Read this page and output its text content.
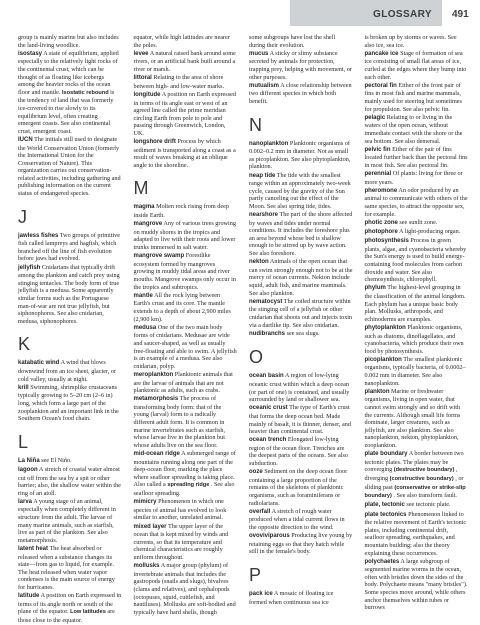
GLOSSARY	491

group is mainly marine but also includes the land-living woodlice.

isostasy A state of equilibrium, applied especially to the relatively light rocks of the continental crust, which can be thought of as floating like icebergs among the heavier rocks of the ocean floor and mantle. Isostatic rebound is the tendency of land that was formerly ice-covered to rise slowly to its equilibrium level, often creating emergent coasts. See also continental crust, emergent coast.

IUCN The initials still used to designate the World Conservation Union (formerly the International Union for the Conservation of Nature). This organization carries out conservation-related activities, including gathering and publishing information on the current status of endangered species.

J

jawless fishes Two groups of primitive fish called lampreys and hagfish, which branched off the line of fish evolution before jaws had evolved.

jellyfish Cnidarians that typically drift among the plankton and catch prey using stinging tentacles. The body form of true jellyfish is a medusa. Some apparently similar forms such as the Portuguese man-of-war are not true jellyfish, but siphonophores. See also cnidarian, medusa, siphonophores.

K

katabatic wind A wind that blows downwind from an ice sheet, glacier, or cold valley, usually at night.

krill Swimming, shrimplike crustaceans typically growing to 5–20 cm (2–6 in) long, which form a large part of the zooplankton and an important link in the Southern Ocean's food chain.

L

La Niña see El Niño.

lagoon A stretch of coastal water almost cut off from the sea by a spit or other barrier; also, the shallow water within the ring of an atoll.

larva A young stage of an animal, especially when completely different in structure from the adult. The larvae of many marine animals, such as starfish, live as part of the plankton. See also metamorphosis.

latent heat The heat absorbed or released when a substance changes its state—from gas to liquid, for example. The heat released when water vapor condenses is the main source of energy for hurricanes.

latitude A position on Earth expressed in terms of its angle north or south of the plane of the equator. Low latitudes are those close to the equator.

equator, while high latitudes are nearer the poles.

levee A natural raised bank around some rivers, or an artificial bank built around a river or marsh.

littoral Relating to the area of shore between high- and low-water marks.

longitude A position on Earth expressed in terms of its angle east or west of an agreed line called the prime meridian circling Earth from pole to pole and passing through Greenwich, London, UK.

longshore drift Process by which sediment is transported along a coast as a result of waves breaking at an oblique angle to the shoreline.

M

magma Molten rock rising from deep inside Earth.

mangrove Any of various trees growing on muddy shores in the tropics and adapted to live with their roots and lower trunks immersed in salt water.

mangrove swamp Forestlike ecosystem formed by mangroves growing in muddy tidal areas and river mouths. Mangrove swamps only occur in the tropics and subtropics.

mantle All the rock lying between Earth's crust and its core. The mantle extends to a depth of about 2,900 miles (2,900 km).

medusa One of the two main body forms of cnidarians. Medusae are wide and saucer-shaped, as well as usually free-floating and able to swim. A jellyfish is an example of a medusa. See also cnidarian, polyp.

meroplankton Planktonic animals that are the larvae of animals that are not planktonic as adults, such as crabs.

metamorphosis The process of transforming body form: that of the young (larval) form to a radically different adult form. It is common in marine invertebrates such as starfish, whose larvae live in the plankton but whose adults live on the sea floor.

mid-ocean ridge A submerged range of mountains running along one part of the deep-ocean floor, marking the place where seafloor spreading is taking place. Also called a spreading ridge . See also seafloor spreading.

mimicry Phenomenon in which one species of animal has evolved to look similar to another, unrelated animal.

mixed layer The upper layer of the ocean that is kept mixed by winds and currents, so that its temperature and chemical characteristics are roughly uniform throughout.

mollusks A major group (phylum) of invertebrate animals that includes the gastropods (snails and slugs), bivalves (clams and relatives), and cephalopods (octopuses, squid, cuttlefish, and nautiluses). Mollusks are soft-bodied and typically have hard shells, though

some subgroups have lost the shell during their evolution.

mucus A sticky or slimy substance secreted by animals for protection, trapping prey, helping with movement, or other purposes.

mutualism A close relationship between two different species in which both benefit.

N

nanoplankton Planktonic organisms of 0.002–0.2 mm in diameter. Not as small as picoplankton. See also phytoplankton, plankton.

neap tide The tide with the smallest range within an approximately two-week cycle, caused by the gravity of the Sun partly canceling out the effect of the Moon. See also spring tide, tides.

nearshore The part of the shore affected by waves and tides under normal conditions. It includes the foreshore plus an area beyond whose bed is shallow enough to be stirred up by wave action. See also foreshore.

nekton Animals of the open ocean that can swim strongly enough not to be at the mercy of ocean currents. Nekton include squid, adult fish, and marine mammals. See also plankton.

nematocyst The coiled structure within the stinging cell of a jellyfish or other cnidarian that shoots out and injects toxin via a dartlike tip. See also cnidarian.

nudibranchs see sea slugs.

O

ocean basin A region of low-lying oceanic crust within which a deep ocean (or part of one) is contained, and usually surrounded by land or shallower sea.

oceanic crust The type of Earth's crust that forms the deep ocean bed. Made mainly of basalt, it is thinner, denser, and heavier than continental crust.

ocean trench Elongated low-lying region of the ocean floor. Trenches are the deepest parts of the oceans. See also subduction.

ooze Sediment on the deep ocean floor containing a large proportion of the remains of the skeletons of planktonic organisms, such as foraminiferans or radiolarians.

overfall A stretch of rough water produced when a tidal current flows in the opposite direction to the wind.

ovoviviparous Producing live young by retaining eggs so that they hatch while still in the female's body.

P

pack ice A mosaic of floating ice formed when continuous sea ice

is broken up by storms or waves. See also ice, sea ice.

pancake ice Stage of formation of sea ice consisting of small flat areas of ice, curled at the edges where they bump into each other.

pectoral fin Either of the front pair of fins in most fish and marine mammals, mainly used for steering but sometimes for propulsion. See also pelvic fin.

pelagic Relating to or living in the waters of the open ocean, without immediate contact with the shore or the sea bottom. See also demersal.

pelvic fin Either of the pair of fins located further back than the pectoral fins in most fish. See also pectoral fin.

perennial Of plants: living for three or more years.

pheromone An odor produced by an animal to communicate with others of the same species, to attract the opposite sex, for example.

photic zone see sunlit zone.

photophore A light-producing organ.

photosynthesis Process in green plants, algae, and cyanobacteria whereby the Sun's energy is used to build energy-containing food molecules from carbon dioxide and water. See also chemosynthesis, chlorophyll.

phylum The highest-level grouping in the classification of the animal kingdom. Each phylum has a unique basic body plan. Mollusks, arthropods, and echinoderms are examples.

phytoplankton Planktonic organisms, such as diatoms, dinoflagellates, and cyanobacteria, which produce their own food by photosynthesis.

picoplankton The smallest planktonic organisms, typically bacteria, of 0.0002–0.002 mm in diameter. See also nanoplankton.

plankton Marine or freshwater organisms, living in open water, that cannot swim strongly and so drift with the currents. Although small life forms dominate, larger creatures, such as jellyfish, are also plankton. See also nanoplankton, nekton, phytoplankton, zooplankton.

plate boundary A border between two tectonic plates. The plates may be converging (destructive boundary) , diverging (constructive boundary) , or sliding past (conservative or strike-slip boundary) . See also transform fault.

plate, tectonic see tectonic plate.

plate tectonics Phenomenon linked to the relative movement of Earth's tectonic plates, including continental drift, seafloor spreading, earthquakes, and mountain building; also the theory explaining these occurrences.

polychaetes A large subgroup of segmented marine worms in the ocean, often with bristles down the sides of the body. Polychaete means "many bristles"). Some species move around, while others anchor themselves within tubes or burrows
